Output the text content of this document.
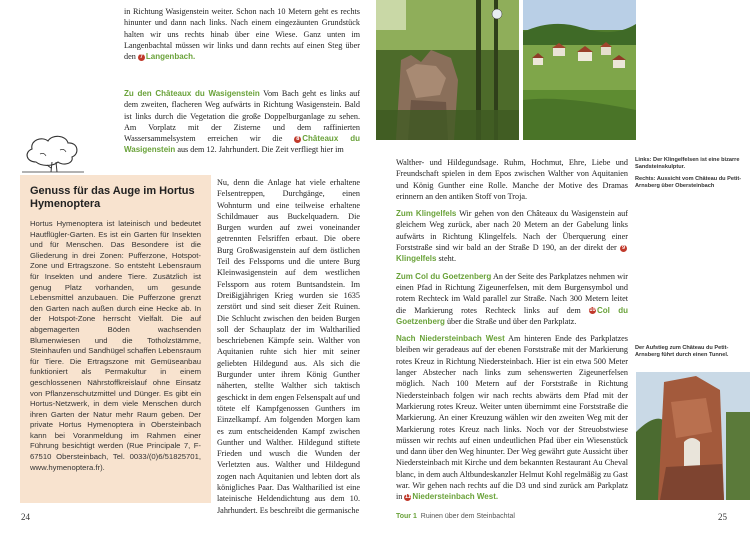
in Richtung Wasigenstein weiter. Schon nach 10 Metern geht es rechts hinunter und dann nach links. Nach einem eingezäunten Grundstück halten wir uns rechts hinab über eine Wiese. Ganz unten im Langenbachtal müssen wir links und dann rechts auf einen Steg über den 7 Langenbach.
Zu den Châteaux du Wasigenstein Vom Bach geht es links auf dem zweiten, flacheren Weg aufwärts in Richtung Wasigenstein. Bald ist links durch die Vegetation die große Doppelburganlage zu sehen. Am Vorplatz mit der Zisterne und dem raffinierten Wassersammelsystem erreichen wir die	8 Châteaux du Wasigenstein aus dem 12. Jahrhundert. Die Zeit verfliegt hier im
Genuss für das Auge im Hortus Hymenoptera
Hortus Hymenoptera ist lateinisch und bedeutet Hautflügler-Garten. Es ist ein Garten für Insekten und für Menschen. Das Besondere ist die Gliederung in drei Zonen: Pufferzone, Hotspot-Zone und Ertragszone. So entsteht Lebensraum für Insekten und andere Tiere. Zusätzlich ist genug Platz vorhanden, um gesunde Lebensmittel anzubauen. Die Pufferzone grenzt den Garten nach außen durch eine Hecke ab. In der Hotspot-Zone herrscht Vielfalt. Die auf abgemagerten Böden wachsenden Blumenwiesen und die Totholzstämme, Steinhaufen und Sandhügel schaffen Lebensraum für Tiere. Die Ertragszone mit Gemüseanbau funktioniert als Permakultur in einem geschlossenen Nährstoffkreislauf ohne Einsatz von Pflanzenschutzmittel und Dünger. Es gibt ein Hortus-Netzwerk, in dem viele Menschen durch ihren Garten der Natur mehr Raum geben. Der private Hortus Hymenoptera in Obersteinbach kann bei Voranmeldung im Rahmen einer Führung besichtigt werden (Rue Principale 7, F-67510 Obersteinbach, Tel. 0033/(0)6/51825701, www.hymenoptera.fr).
Nu, denn die Anlage hat viele erhaltene Felsentreppen, Durchgänge, einen Wohnturm und eine teilweise erhaltene Schildmauer aus Buckelquadern. Die Burgen wurden auf zwei voneinander getrennten Felsriffen erbaut. Die obere Burg Großwasigenstein auf dem östlichen Teil des Felssporns und die untere Burg Kleinwasigenstein auf dem westlichen Felssporn aus rotem Buntsandstein. Im Dreißigjährigen Krieg wurden sie 1635 zerstört und sind seit dieser Zeit Ruinen. Die Schlucht zwischen den beiden Burgen soll der Schauplatz der im Waltharilied beschriebenen Kämpfe sein. Walther von Aquitanien ruhte sich hier mit seiner geliebten Hildegund aus. Als sich die Burgunder unter ihrem König Gunther näherten, stellte Walther sich taktisch geschickt in dem engen Felsenspalt auf und tötete elf Kampfgenossen Gunthers im Einzelkampf. Am folgenden Morgen kam es zum entscheidenden Kampf zwischen Gunther und Walther. Hildegund stiftete Frieden und wusch die Wunden der Verletzten aus. Walther und Hildegund zogen nach Aquitanien und lebten dort als königliches Paar. Das Waltharilied ist eine lateinische Heldendichtung aus dem 10. Jahrhundert. Es beschreibt die germanische
24

Walther- und Hildegundsage. Ruhm, Hochmut, Ehre, Liebe und Freundschaft spielen in dem Epos zwischen Walther von Aquitanien und König Gunther eine Rolle. Manche der Motive des Dramas erinnern an den antiken Stoff von Troja.

Zum Klingelfels Wir gehen von den Châteaux du Wasigenstein auf gleichem Weg zurück, aber nach 20 Metern an der Gabelung links aufwärts in Richtung Klingelfels. Nach der Überquerung einer Forststraße sind wir bald an der Straße D 190, an der direkt der 9Klingelfels steht.

Zum Col du Goetzenberg An der Seite des Parkplatzes nehmen wir einen Pfad in Richtung Zigeunerfelsen, mit dem Burgensymbol und rotem Rechteck im Wald parallel zur Straße. Nach 300 Metern leitet die Markierung rotes Rechteck links auf dem 10Col du Goetzenberg über die Straße und über den Parkplatz.

Nach Niedersteinbach West Am hinteren Ende des Parkplatzes bleiben wir geradeaus auf der ebenen Forststraße mit der Markierung rotes Kreuz in Richtung Niedersteinbach. Hier ist ein etwa 500 Meter langer Abstecher nach links zum sehenswerten Zigeunerfelsen möglich. Nach 100 Metern auf der Forststraße in Richtung Niedersteinbach folgen wir nach rechts abwärts dem Pfad mit der Markierung rotes Kreuz. Weiter unten übernimmt eine Forststraße die Markierung. An einer Kreuzung wählen wir den zweiten Weg mit der Markierung rotes Kreuz nach links. Noch vor der Streuobstwiese müssen wir rechts auf einen undeutlichen Pfad über ein Wiesenstück und dann über den Weg hinunter. Der Weg gewährt gute Aussicht über Niedersteinbach mit Kirche und dem bekannten Restaurant Au Cheval blanc, in dem auch Altbundeskanzler Helmut Kohl regelmäßig zu Gast war. Wir gehen nach rechts auf die D3 und sind zurück am Parkplatz in 11 Niedersteinbach West.

Links: Der Klingelfelsen ist eine bizarre Sandsteinskulptur.
Rechts: Aussicht vom Château du Petit-Arnsberg über Obersteinbach
Der Aufstieg zum Château du Petit-Arnsberg führt durch einen Tunnel.
Tour 1 Ruinen über dem Steinbachtal	25
